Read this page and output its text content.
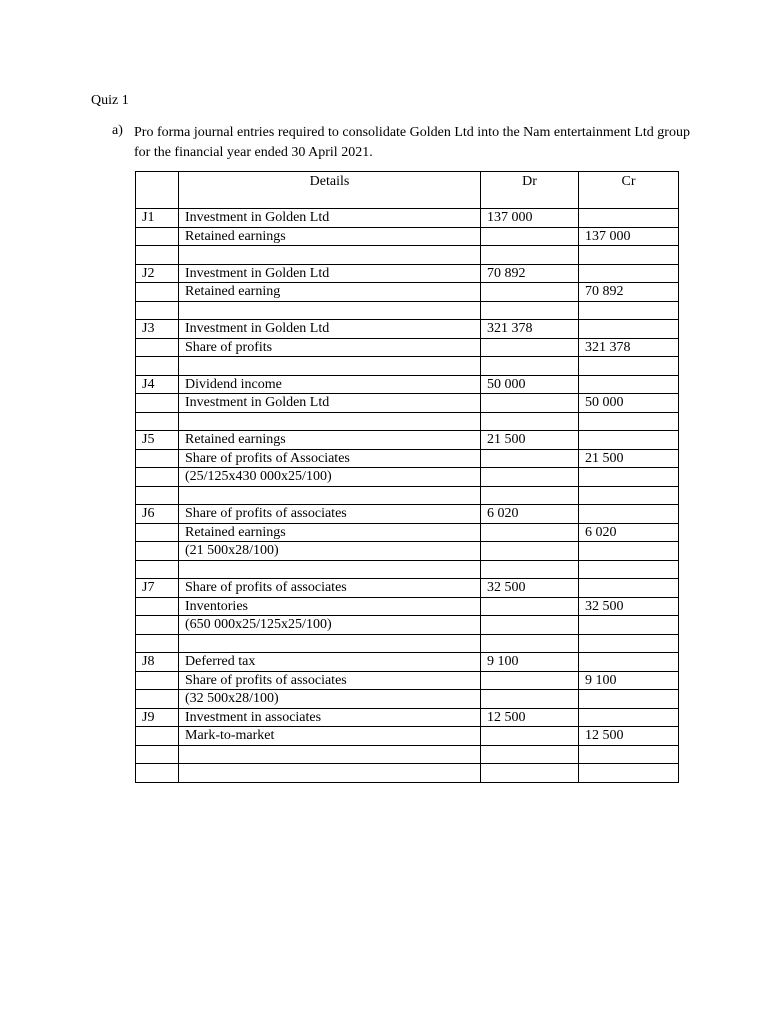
Quiz 1
a) Pro forma journal entries required to consolidate Golden Ltd into the Nam entertainment Ltd group for the financial year ended 30 April 2021.
	Details	Dr	Cr
J1	Investment in Golden Ltd	137 000	
	Retained earnings		137 000

J2	Investment in Golden Ltd	70 892	
	Retained earning		70 892

J3	Investment in Golden Ltd	321 378	
	Share of profits		321 378

J4	Dividend income	50 000	
	Investment in Golden Ltd		50 000

J5	Retained earnings	21 500	
	Share of profits of Associates		21 500
	(25/125x430 000x25/100)		

J6	Share of profits of associates	6 020	
	Retained earnings		6 020
	(21 500x28/100)		

J7	Share of profits of associates	32 500	
	Inventories		32 500
	(650 000x25/125x25/100)		

J8	Deferred tax	9 100	
	Share of profits of associates		9 100
	(32 500x28/100)		
J9	Investment in associates	12 500	
	Mark-to-market		12 500
